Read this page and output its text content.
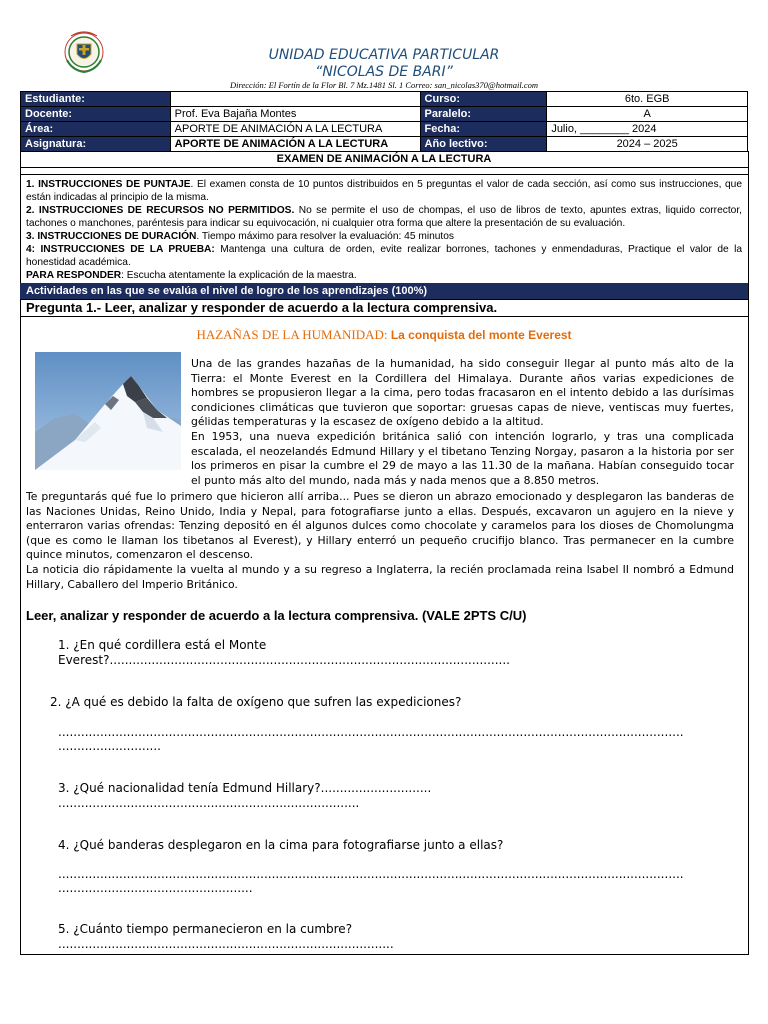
UNIDAD EDUCATIVA PARTICULAR
“NICOLAS DE BARI”
Dirección: El Fortín de la Flor Bl. 7 Mz.1481 Sl. 1 Correo: san_nicolas370@hotmail.com
Estudiante:		Curso:	6to. EGB
Docente:	Prof. Eva Bajaña Montes	Paralelo:	A
Área:	APORTE DE ANIMACIÓN A LA LECTURA	Fecha:	Julio, ________ 2024
Asignatura:	APORTE DE ANIMACIÓN A LA LECTURA	Año lectivo:	2024 – 2025
EXAMEN DE ANIMACIÓN A LA LECTURA

1. INSTRUCCIONES DE PUNTAJE. El examen consta de 10 puntos distribuidos en 5 preguntas el valor de cada sección, así como sus instrucciones, que están indicadas al principio de la misma.

2. INSTRUCCIONES DE RECURSOS NO PERMITIDOS. No se permite el uso de chompas, el uso de libros de texto, apuntes extras, liquido corrector, tachones o manchones, paréntesis para indicar su equivocación, ni cualquier otra forma que altere la presentación de su evaluación.

3. INSTRUCCIONES DE DURACIÓN. Tiempo máximo para resolver la evaluación: 45 minutos

4: INSTRUCCIONES DE LA PRUEBA: Mantenga una cultura de orden, evite realizar borrones, tachones y enmendaduras, Practique el valor de la honestidad académica.

PARA RESPONDER: Escucha atentamente la explicación de la maestra.

Actividades en las que se evalúa el nivel de logro de los aprendizajes (100%)
Pregunta 1.- Leer, analizar y responder de acuerdo a la lectura comprensiva.
HAZAÑAS DE LA HUMANIDAD: La conquista del monte Everest

Una de las grandes hazañas de la humanidad, ha sido conseguir llegar al punto más alto de la Tierra: el Monte Everest en la Cordillera del Himalaya. Durante años varias expediciones de hombres se propusieron llegar a la cima, pero todas fracasaron en el intento debido a las durísimas condiciones climáticas que tuvieron que soportar: gruesas capas de nieve, ventiscas muy fuertes, gélidas temperaturas y la escasez de oxígeno debido a la altitud.

En 1953, una nueva expedición británica salió con intención lograrlo, y tras una complicada escalada, el neozelandés Edmund Hillary y el tibetano Tenzing Norgay, pasaron a la historia por ser los primeros en pisar la cumbre el 29 de mayo a las 11.30 de la mañana. Habían conseguido tocar el punto más alto del mundo, nada más y nada menos que a 8.850 metros.

Te preguntarás qué fue lo primero que hicieron allí arriba... Pues se dieron un abrazo emocionado y desplegaron las banderas de las Naciones Unidas, Reino Unido, India y Nepal, para fotografiarse junto a ellas. Después, excavaron un agujero en la nieve y enterraron varias ofrendas: Tenzing depositó en él algunos dulces como chocolate y caramelos para los dioses de Chomolungma (que es como le llaman los tibetanos al Everest), y Hillary enterró un pequeño crucifijo blanco. Tras permanecer en la cumbre quince minutos, comenzaron el descenso.

La noticia dio rápidamente la vuelta al mundo y a su regreso a Inglaterra, la recién proclamada reina Isabel II nombró a Edmund Hillary, Caballero del Imperio Británico.

Leer, analizar y responder de acuerdo a la lectura comprensiva. (VALE 2PTS C/U)
1. ¿En qué cordillera está el Monte
Everest?.........................................................................................................
2. ¿A qué es debido la falta de oxígeno que sufren las expediciones?
....................................................................................................................................................................
...........................
3. ¿Qué nacionalidad tenía Edmund Hillary?.............................
...............................................................................
4. ¿Qué banderas desplegaron en la cima para fotografiarse junto a ellas?
....................................................................................................................................................................
...................................................
5. ¿Cuánto tiempo permanecieron en la cumbre?
........................................................................................
